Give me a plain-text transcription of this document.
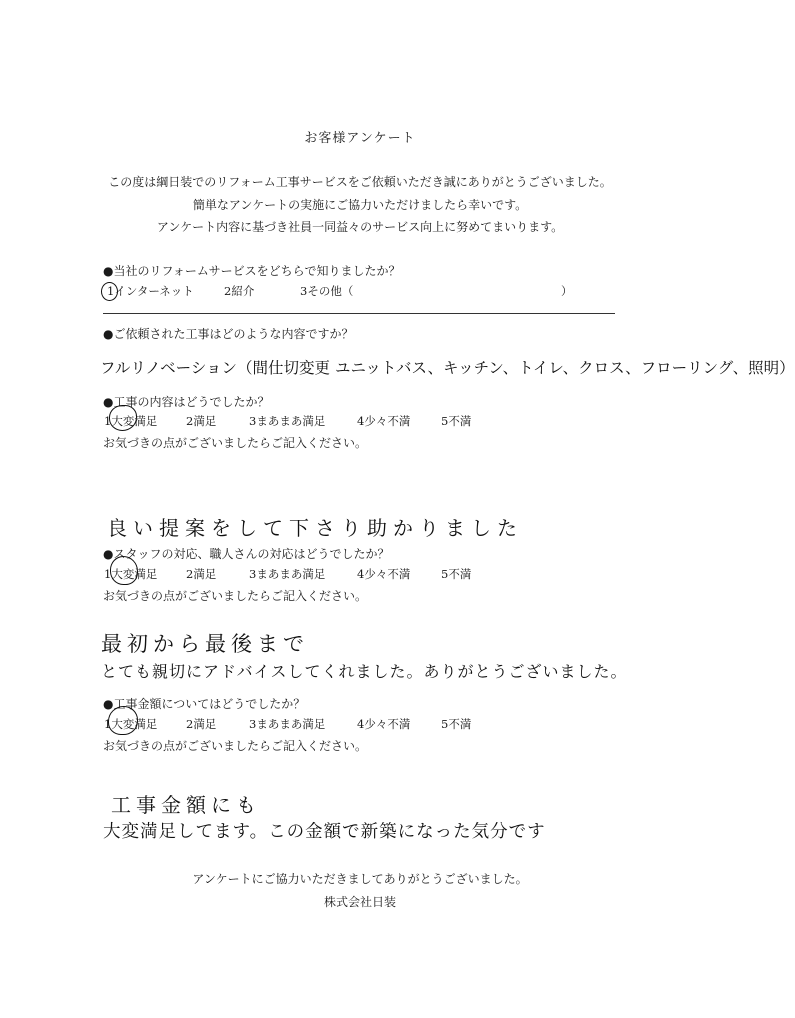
お客様アンケート
この度は綱日装でのリフォーム工事サービスをご依頼いただき誠にありがとうございました。
簡単なアンケートの実施にご協力いただけましたら幸いです。
アンケート内容に基づき社員一同益々のサービス向上に努めてまいります。
●当社のリフォームサービスをどちらで知りましたか？
1インターネット	2紹介	3その他（	）
●ご依頼された工事はどのような内容ですか？
フルリノベーション（間仕切変更 ユニットバス、キッチン、トイレ、クロス、フローリング、照明）
●工事の内容はどうでしたか？
1大変満足 2満足	3まあまあ満足	4少々不満	5不満
お気づきの点がございましたらご記入ください。
良い提案をして下さり助かりました
●スタッフの対応、職人さんの対応はどうでしたか？
1大変満足 2満足	3まあまあ満足	4少々不満	5不満
お気づきの点がございましたらご記入ください。
最初から最後まで
とても親切にアドバイスしてくれました。ありがとうございました。
●工事金額についてはどうでしたか？
1大変満足 2満足	3まあまあ満足	4少々不満	5不満
お気づきの点がございましたらご記入ください。
工事金額にも
大変満足してます。この金額で新築になった気分です
アンケートにご協力いただきましてありがとうございました。
株式会社日装
